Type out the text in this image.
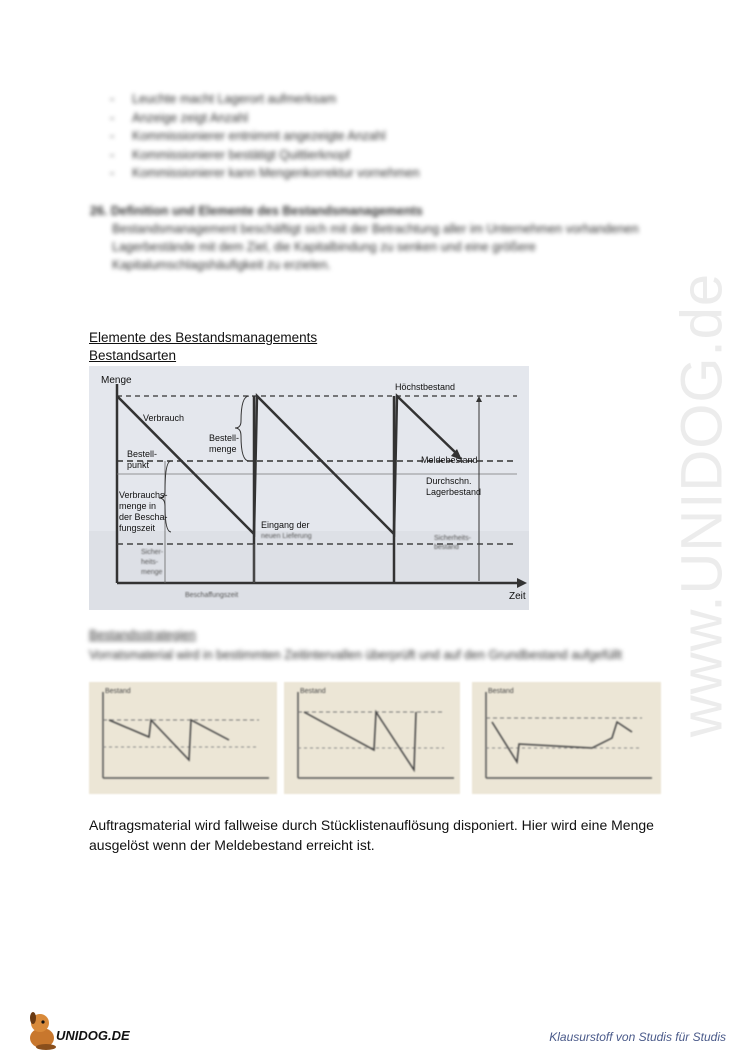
www.UNIDOG.de
- Leuchte macht Lagerort aufmerksam
- Anzeige zeigt Anzahl
- Kommissionierer entnimmt angezeigte Anzahl
- Kommissionierer bestätigt Quittierknopf
- Kommissionierer kann Mengenkorrektur vornehmen
26. Definition und Elemente des Bestandsmanagements
Bestandsmanagement beschäftigt sich mit der Betrachtung aller im Unternehmen vorhandenen Lagerbestände mit dem Ziel, die Kapitalbindung zu senken und eine größere Kapitalumschlagshäufigkeit zu erzielen.
Elemente des Bestandsmanagements
Bestandsarten
Menge
Zeit
Verbrauch
Bestell-
menge
Bestell-
punkt
Verbrauchs-
menge in
der Bescha-
fungszeit	Eingang der
neuen Lieferung
Höchstbestand
Meldebestand
Durchschn.
Lagerbestand
Sicher-
heits-
menge
Sicherheits-
bestand
Beschaffungszeit
Bestandsstrategien
Vorratsmaterial wird in bestimmten Zeitintervallen überprüft und auf den Grundbestand aufgefüllt
Bestand	Bestand	Bestand
Auftragsmaterial wird fallweise durch Stücklistenauflösung disponiert. Hier wird eine Menge ausgelöst wenn der Meldebestand erreicht ist.
UNIDOG.DE	Klausurstoff von Studis für Studis
